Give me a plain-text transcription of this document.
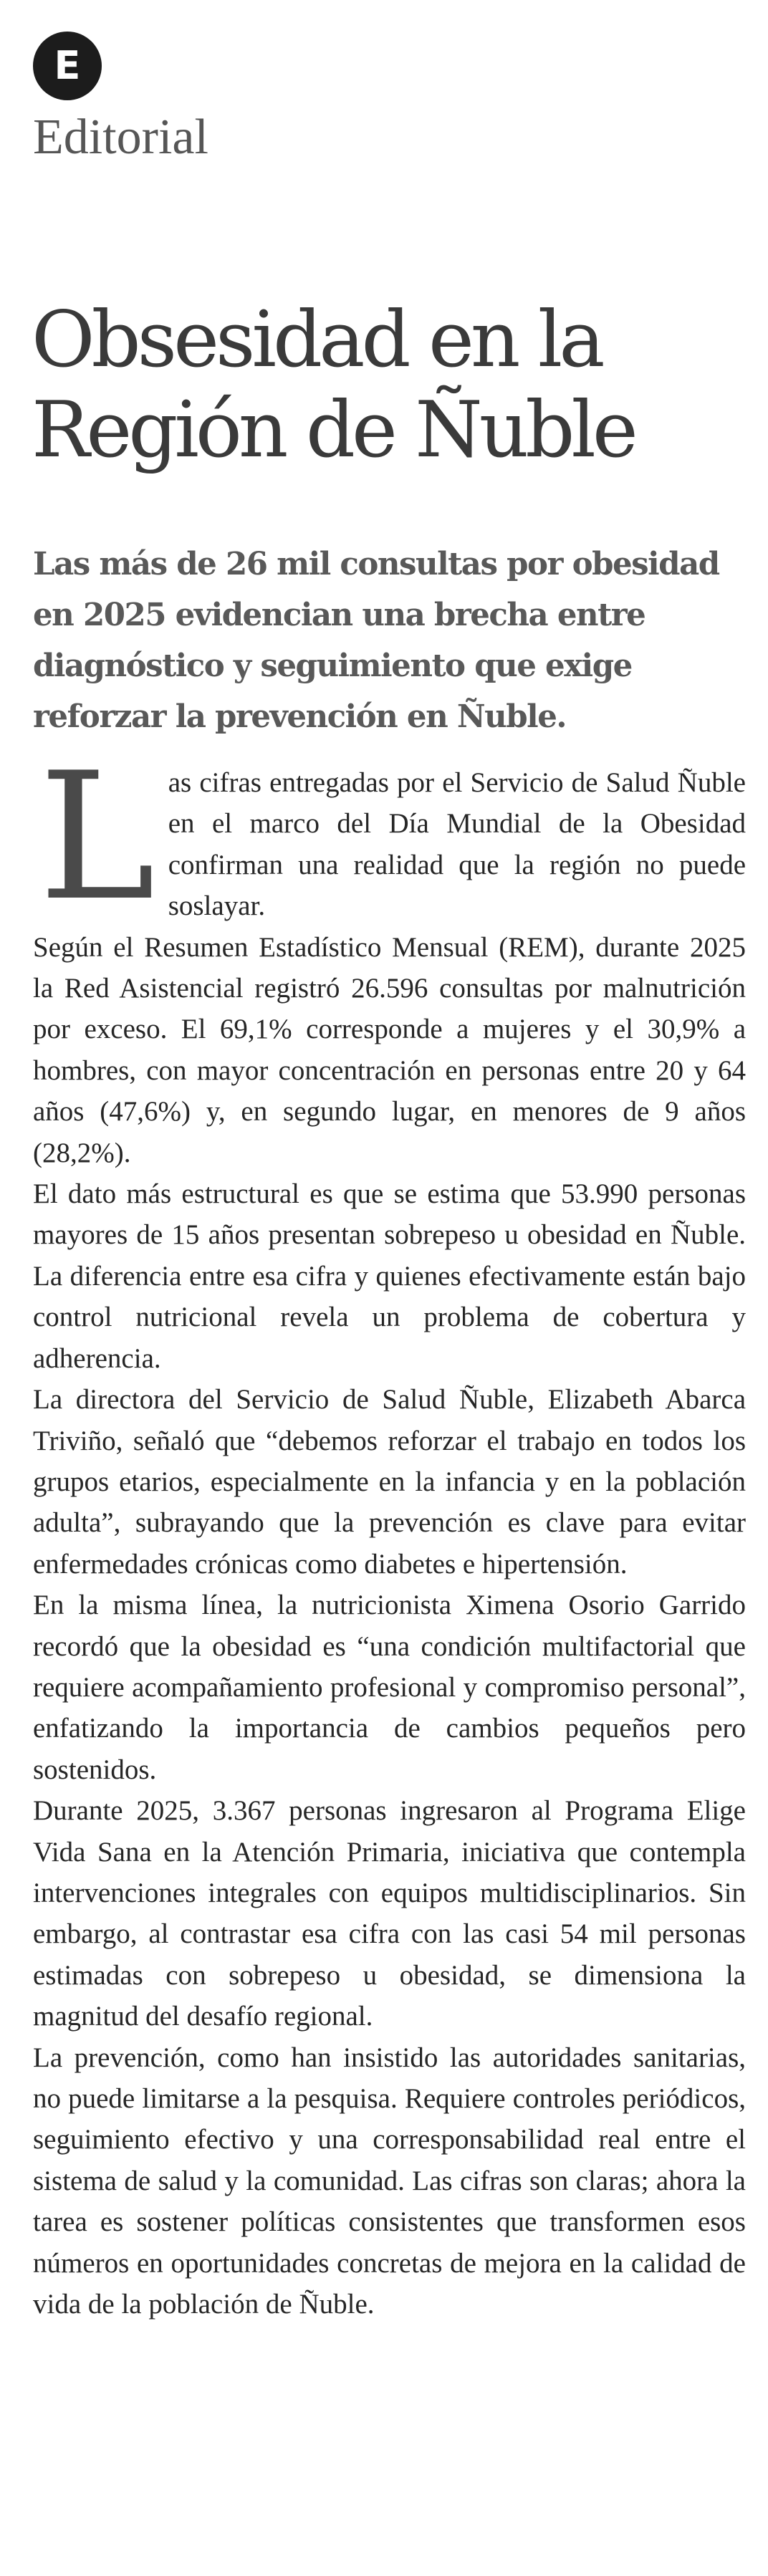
E
Editorial
Obsesidad en la Región de Ñuble

Las más de 26 mil consultas por obesidad en 2025 evidencian una brecha entre diagnóstico y seguimiento que exige reforzar la prevención en Ñuble.

Las cifras entregadas por el Servicio de Salud Ñuble en el marco del Día Mundial de la Obesidad confirman una realidad que la región no puede soslayar.

Según el Resumen Estadístico Mensual (REM), durante 2025 la Red Asistencial registró 26.596 consultas por malnutrición por exceso. El 69,1% corresponde a mujeres y el 30,9% a hombres, con mayor concentración en personas entre 20 y 64 años (47,6%) y, en segundo lugar, en menores de 9 años (28,2%).

El dato más estructural es que se estima que 53.990 personas mayores de 15 años presentan sobrepeso u obesidad en Ñuble. La diferencia entre esa cifra y quienes efectivamente están bajo control nutricional revela un problema de cobertura y adherencia.

La directora del Servicio de Salud Ñuble, Elizabeth Abarca Triviño, señaló que “debemos reforzar el trabajo en todos los grupos etarios, especialmente en la infancia y en la población adulta”, subrayando que la prevención es clave para evitar enfermedades crónicas como diabetes e hipertensión.

En la misma línea, la nutricionista Ximena Osorio Garrido recordó que la obesidad es “una condición multifactorial que requiere acompañamiento profesional y compromiso personal”, enfatizando la importancia de cambios pequeños pero sostenidos.

Durante 2025, 3.367 personas ingresaron al Programa Elige Vida Sana en la Atención Primaria, iniciativa que contempla intervenciones integrales con equipos multidisciplinarios. Sin embargo, al contrastar esa cifra con las casi 54 mil personas estimadas con sobrepeso u obesidad, se dimensiona la magnitud del desafío regional.

La prevención, como han insistido las autoridades sanitarias, no puede limitarse a la pesquisa. Requiere controles periódicos, seguimiento efectivo y una corresponsabilidad real entre el sistema de salud y la comunidad. Las cifras son claras; ahora la tarea es sostener políticas consistentes que transformen esos números en oportunidades concretas de mejora en la calidad de vida de la población de Ñuble.
